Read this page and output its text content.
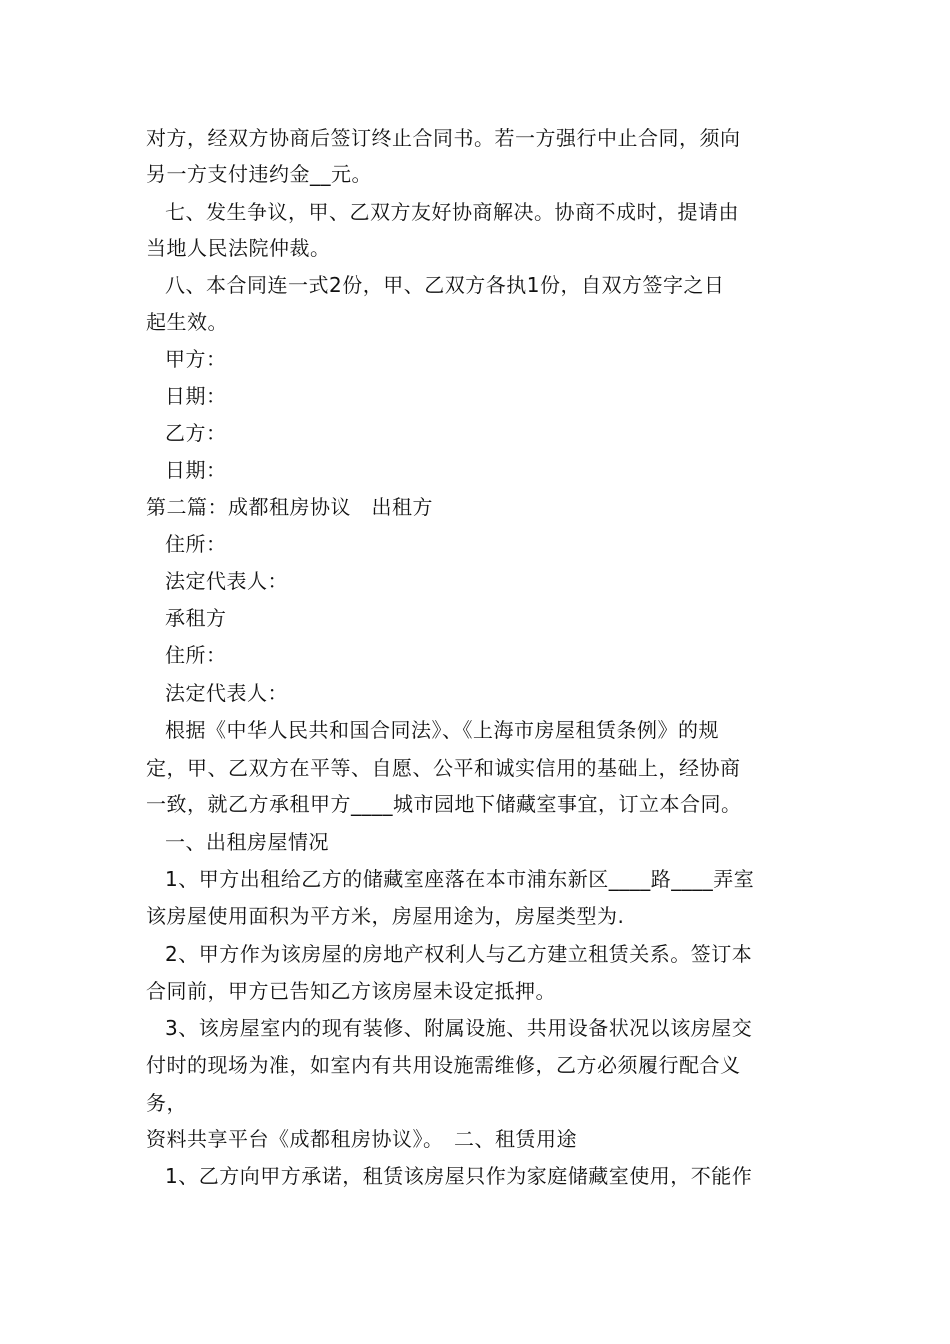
对方，经双方协商后签订终止合同书。若一方强行中止合同，须向
另一方支付违约金__元。
七、发生争议，甲、乙双方友好协商解决。协商不成时，提请由
当地人民法院仲裁。
八、本合同连一式2份，甲、乙双方各执1份，自双方签字之日
起生效。
甲方：
日期：
乙方：
日期：
第二篇：成都租房协议　出租方
住所：
法定代表人：
承租方
住所：
法定代表人：
根据《中华人民共和国合同法》、《上海市房屋租赁条例》的规
定，甲、乙双方在平等、自愿、公平和诚实信用的基础上，经协商
一致，就乙方承租甲方____城市园地下储藏室事宜，订立本合同。
一、出租房屋情况
1、甲方出租给乙方的储藏室座落在本市浦东新区____路____弄室
该房屋使用面积为平方米，房屋用途为，房屋类型为.
2、甲方作为该房屋的房地产权利人与乙方建立租赁关系。签订本
合同前，甲方已告知乙方该房屋未设定抵押。
3、该房屋室内的现有装修、附属设施、共用设备状况以该房屋交
付时的现场为准，如室内有共用设施需维修，乙方必须履行配合义
务，
资料共享平台《成都租房协议》。　二、租赁用途
1、乙方向甲方承诺，租赁该房屋只作为家庭储藏室使用，不能作
